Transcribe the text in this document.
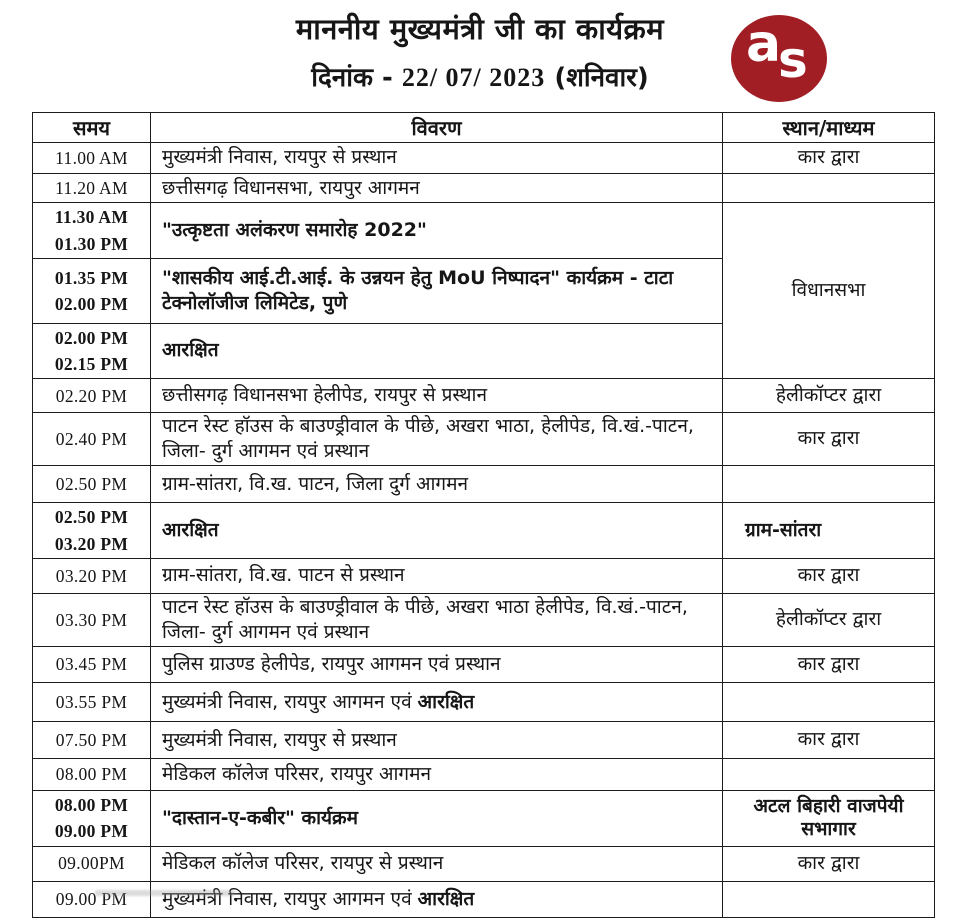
माननीय मुख्यमंत्री जी का कार्यक्रम
दिनांक - 22/ 07/ 2023 (शनिवार)
a
s
समय	विवरण	स्थान/माध्यम

11.00 AM	मुख्यमंत्री निवास, रायपुर से प्रस्थान	कार द्वारा

11.20 AM	छत्तीसगढ़ विधानसभा, रायपुर आगमन	

11.30 AM
01.30 PM	"उत्कृष्टता अलंकरण समारोह 2022"	विधानसभा

01.35 PM
02.00 PM	"शासकीय आई.टी.आई. के उन्नयन हेतु MoU निष्पादन" कार्यक्रम - टाटा टेक्नोलॉजीज लिमिटेड, पुणे	

02.00 PM
02.15 PM	आरक्षित	

02.20 PM	छत्तीसगढ़ विधानसभा हेलीपेड, रायपुर से प्रस्थान	हेलीकॉप्टर द्वारा

02.40 PM	पाटन रेस्ट हॉउस के बाउण्ड्रीवाल के पीछे, अखरा भाठा, हेलीपेड, वि.खं.-पाटन, जिला- दुर्ग आगमन एवं प्रस्थान	कार द्वारा

02.50 PM	ग्राम-सांतरा, वि.ख. पाटन, जिला दुर्ग आगमन	

02.50 PM
03.20 PM	आरक्षित	ग्राम-सांतरा

03.20 PM	ग्राम-सांतरा, वि.ख. पाटन से प्रस्थान	कार द्वारा

03.30 PM	पाटन रेस्ट हॉउस के बाउण्ड्रीवाल के पीछे, अखरा भाठा हेलीपेड, वि.खं.-पाटन, जिला- दुर्ग आगमन एवं प्रस्थान	हेलीकॉप्टर द्वारा

03.45 PM	पुलिस ग्राउण्ड हेलीपेड, रायपुर आगमन एवं प्रस्थान	कार द्वारा

03.55 PM	मुख्यमंत्री निवास, रायपुर आगमन एवं आरक्षित	

07.50 PM	मुख्यमंत्री निवास, रायपुर से प्रस्थान	कार द्वारा

08.00 PM	मेडिकल कॉलेज परिसर, रायपुर आगमन	

08.00 PM
09.00 PM	"दास्तान-ए-कबीर" कार्यक्रम	अटल बिहारी वाजपेयी सभागार

09.00PM	मेडिकल कॉलेज परिसर, रायपुर से प्रस्थान	कार द्वारा

09.00 PM	मुख्यमंत्री निवास, रायपुर आगमन एवं आरक्षित	
